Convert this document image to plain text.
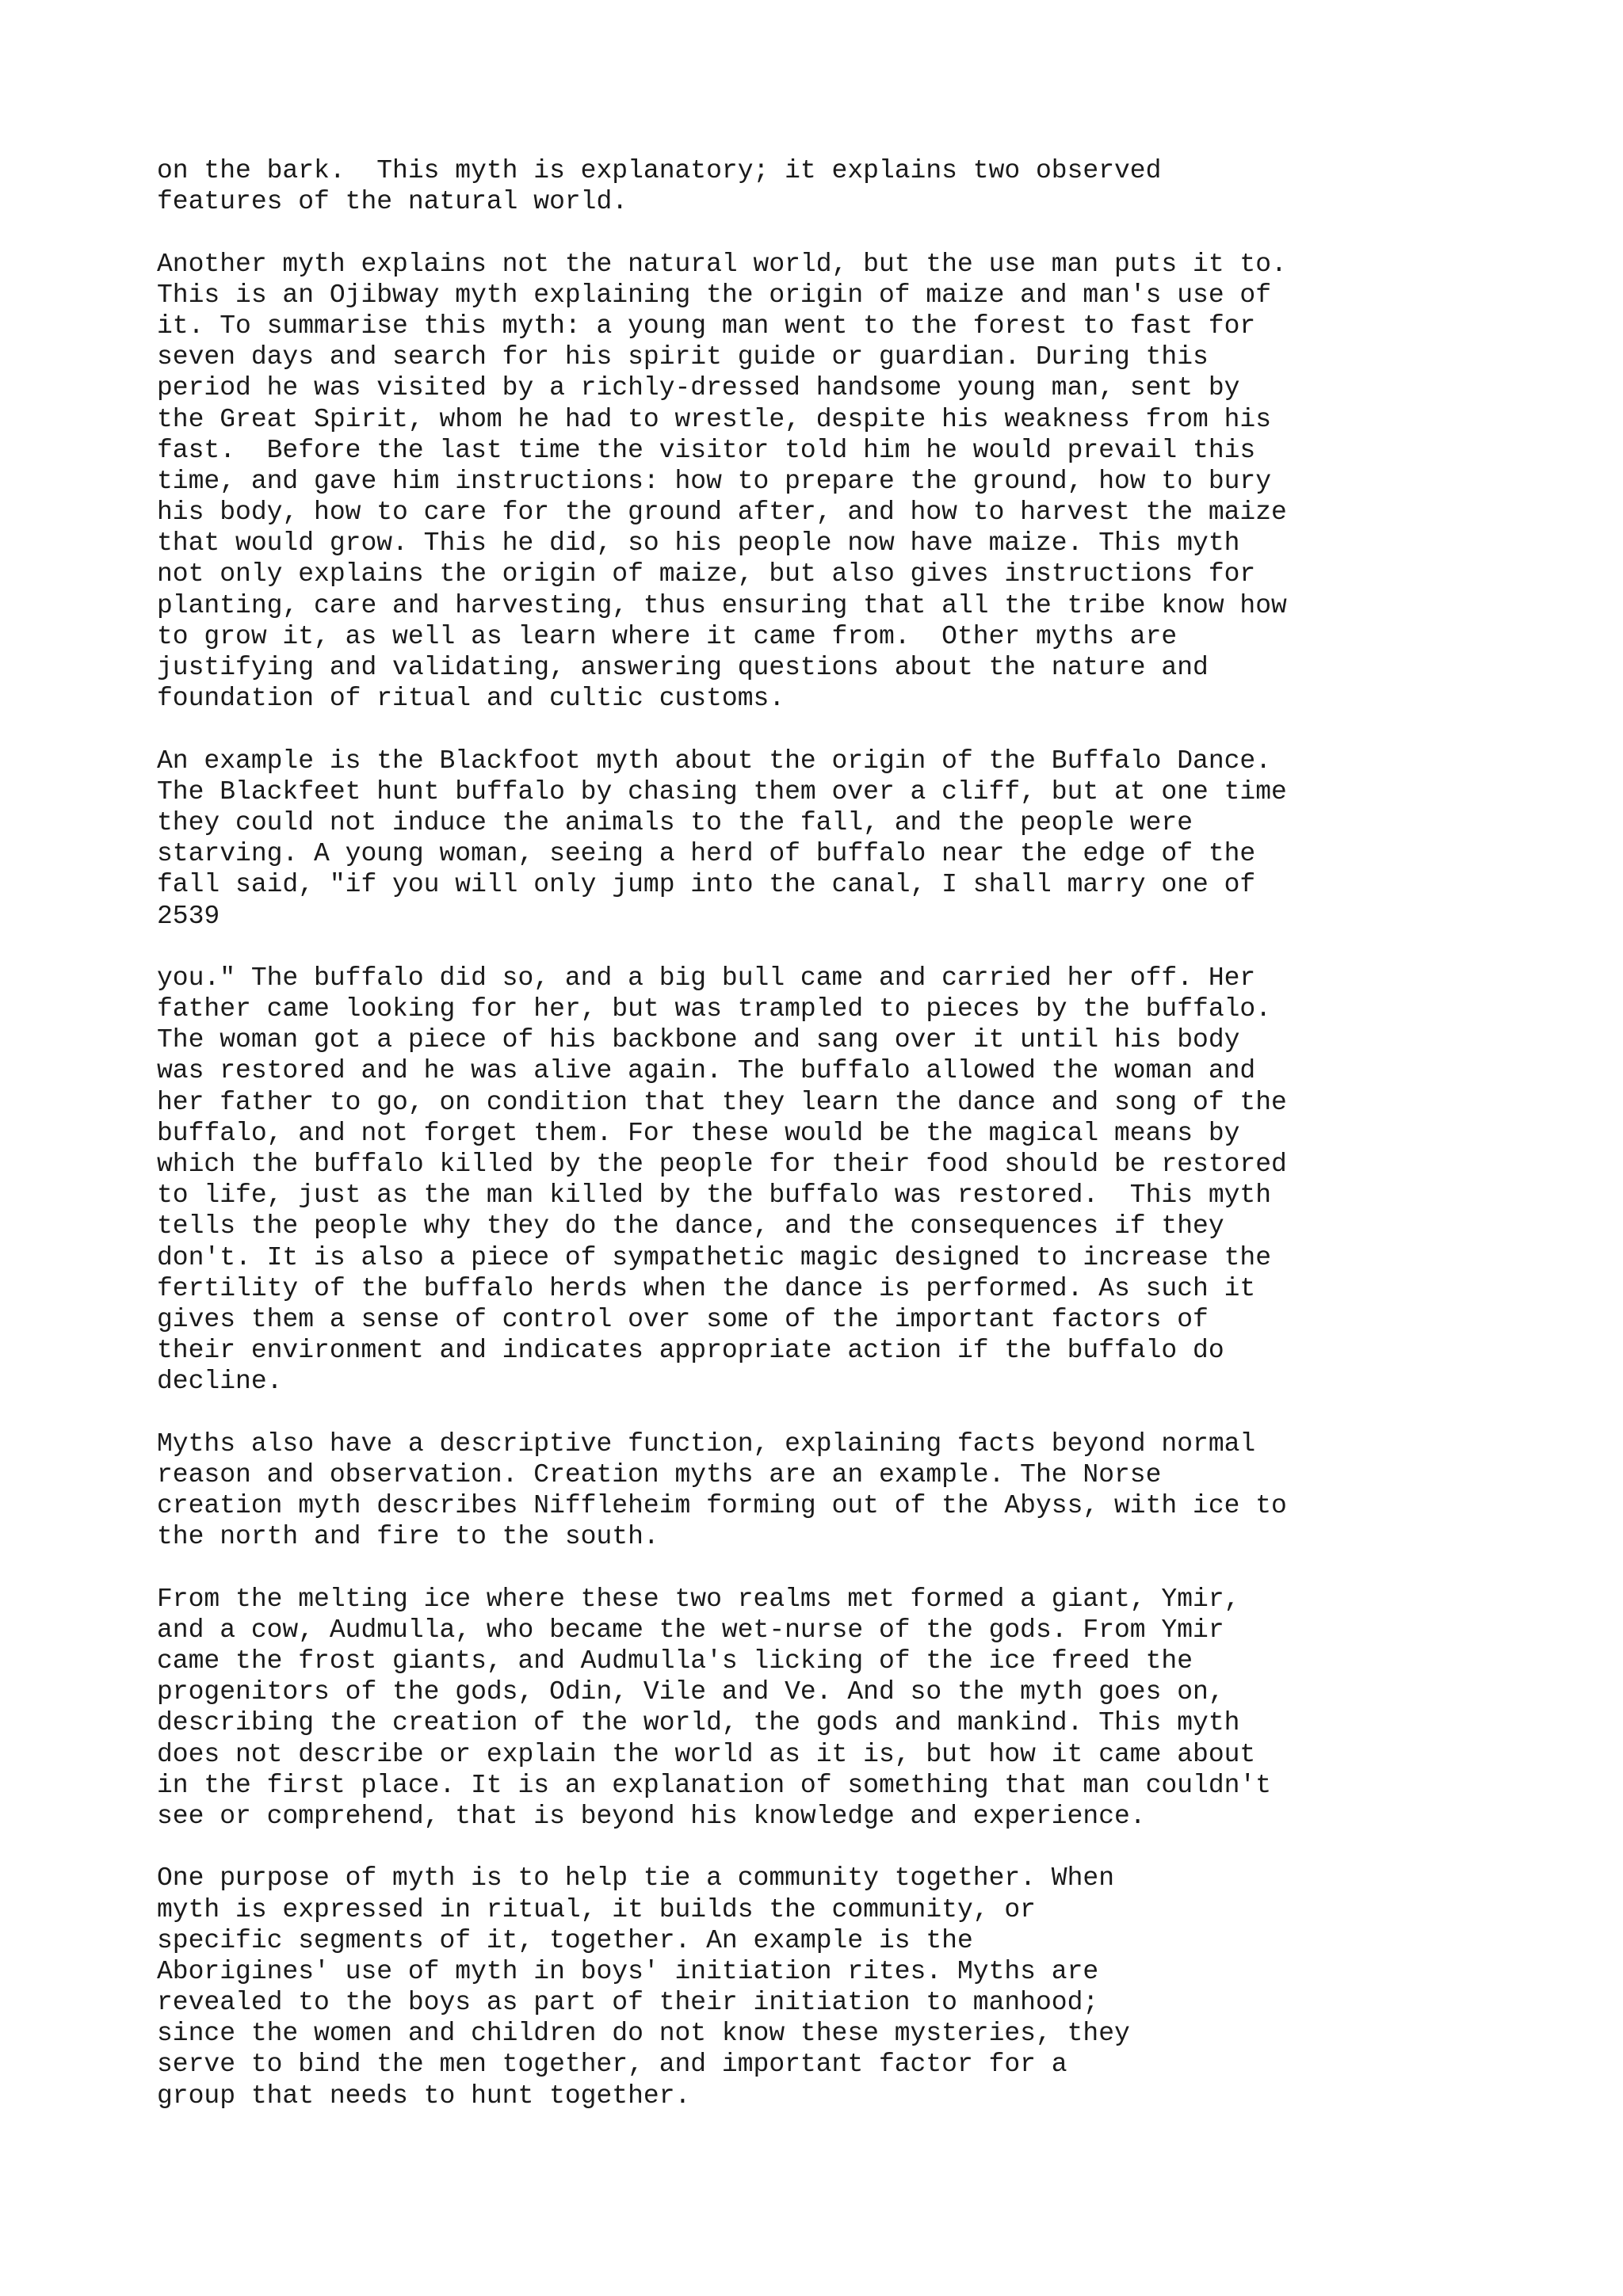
on the bark.  This myth is explanatory; it explains two observed
features of the natural world.
Another myth explains not the natural world, but the use man puts it to.
This is an Ojibway myth explaining the origin of maize and man's use of
it. To summarise this myth: a young man went to the forest to fast for
seven days and search for his spirit guide or guardian. During this
period he was visited by a richly-dressed handsome young man, sent by
the Great Spirit, whom he had to wrestle, despite his weakness from his
fast.  Before the last time the visitor told him he would prevail this
time, and gave him instructions: how to prepare the ground, how to bury
his body, how to care for the ground after, and how to harvest the maize
that would grow. This he did, so his people now have maize. This myth
not only explains the origin of maize, but also gives instructions for
planting, care and harvesting, thus ensuring that all the tribe know how
to grow it, as well as learn where it came from.  Other myths are
justifying and validating, answering questions about the nature and
foundation of ritual and cultic customs.
An example is the Blackfoot myth about the origin of the Buffalo Dance.
The Blackfeet hunt buffalo by chasing them over a cliff, but at one time
they could not induce the animals to the fall, and the people were
starving. A young woman, seeing a herd of buffalo near the edge of the
fall said, "if you will only jump into the canal, I shall marry one of
2539
you." The buffalo did so, and a big bull came and carried her off. Her
father came looking for her, but was trampled to pieces by the buffalo.
The woman got a piece of his backbone and sang over it until his body
was restored and he was alive again. The buffalo allowed the woman and
her father to go, on condition that they learn the dance and song of the
buffalo, and not forget them. For these would be the magical means by
which the buffalo killed by the people for their food should be restored
to life, just as the man killed by the buffalo was restored.  This myth
tells the people why they do the dance, and the consequences if they
don't. It is also a piece of sympathetic magic designed to increase the
fertility of the buffalo herds when the dance is performed. As such it
gives them a sense of control over some of the important factors of
their environment and indicates appropriate action if the buffalo do
decline.
Myths also have a descriptive function, explaining facts beyond normal
reason and observation. Creation myths are an example. The Norse
creation myth describes Niffleheim forming out of the Abyss, with ice to
the north and fire to the south.
From the melting ice where these two realms met formed a giant, Ymir,
and a cow, Audmulla, who became the wet-nurse of the gods. From Ymir
came the frost giants, and Audmulla's licking of the ice freed the
progenitors of the gods, Odin, Vile and Ve. And so the myth goes on,
describing the creation of the world, the gods and mankind. This myth
does not describe or explain the world as it is, but how it came about
in the first place. It is an explanation of something that man couldn't
see or comprehend, that is beyond his knowledge and experience.
One purpose of myth is to help tie a community together. When
myth is expressed in ritual, it builds the community, or
specific segments of it, together. An example is the
Aborigines' use of myth in boys' initiation rites. Myths are
revealed to the boys as part of their initiation to manhood;
since the women and children do not know these mysteries, they
serve to bind the men together, and important factor for a
group that needs to hunt together.
